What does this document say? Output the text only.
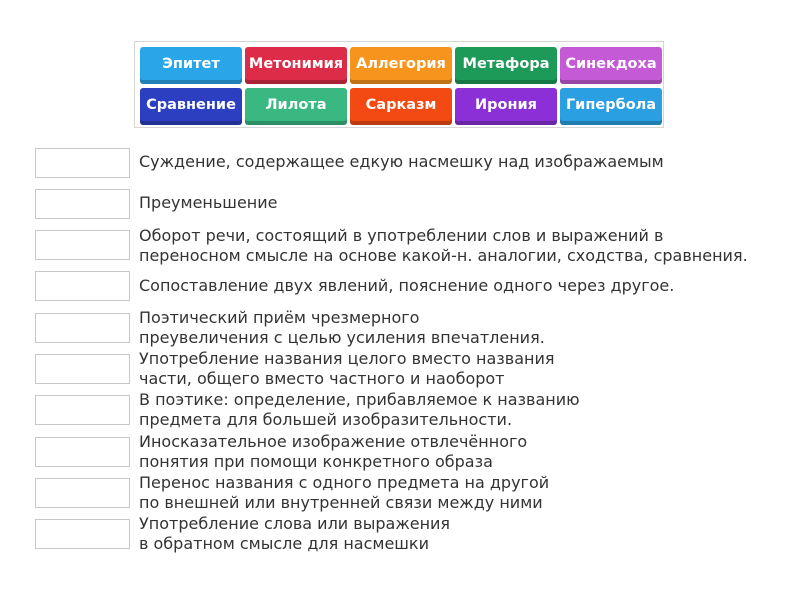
Эпитет	Метонимия Аллегория	Метафора	Синекдоха
Сравнение	Лилота	Сарказм	Ирония	Гипербола
Суждение, содержащее едкую насмешку над изображаемым
Преуменьшение
Оборот речи, состоящий в употреблении слов и выражений в
переносном смысле на основе какой-н. аналогии, сходства, сравнения.
Сопоставление двух явлений, пояснение одного через другое.
Поэтический приём чрезмерного
преувеличения с целью усиления впечатления.
Употребление названия целого вместо названия
части, общего вместо частного и наоборот
В поэтике: определение, прибавляемое к названию
предмета для большей изобразительности.
Иносказательное изображение отвлечённого
понятия при помощи конкретного образа
Перенос названия с одного предмета на другой
по внешней или внутренней связи между ними
Употребление слова или выражения
в обратном смысле для насмешки
